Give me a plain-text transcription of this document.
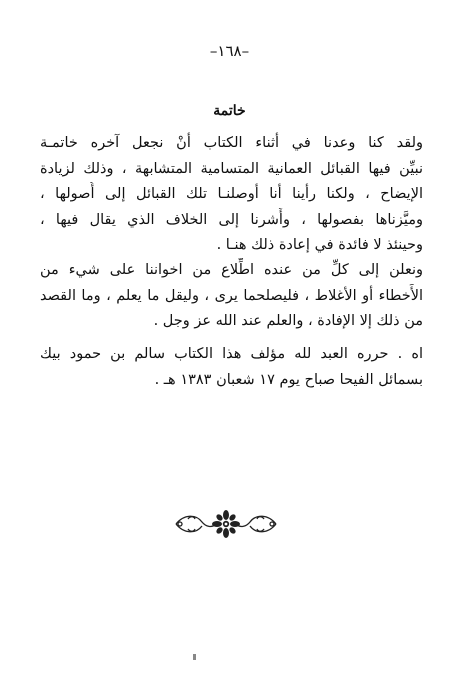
–١٦٨–
خاتمة
ولقد كنا وعدنا في أثناء الكتاب أنْ نجعل آخره خاتمـة
نبيِّن فيها القبائل العمانية المتسامية المتشابهة ، وذلك لزيادة
الإيضاح ، ولكنا رأينا أنا أوصلنـا تلك القبائل إلى أُصولها ،
وميَّزناها بفصولها ، وأَشرنا إلى الخلاف الذي يقال فيها ،
وحينئذ لا فائدة في إعادة ذلك هنـا .
ونعلن إلى كلِّ من عنده اطِّلاع من اخواننا على شيء من
الأَخطاء أو الأغلاط ، فليصلحما يرى ، وليقل ما يعلم ، وما القصد
من ذلك إلا الإفادة ، والعلم عند الله عز وجل .
اه . حرره العبد لله مؤلف هذا الكتاب سالم بن حمود بيك
بسمائل الفيحا صباح يوم ١٧ شعبان ١٣٨٣ هـ .
